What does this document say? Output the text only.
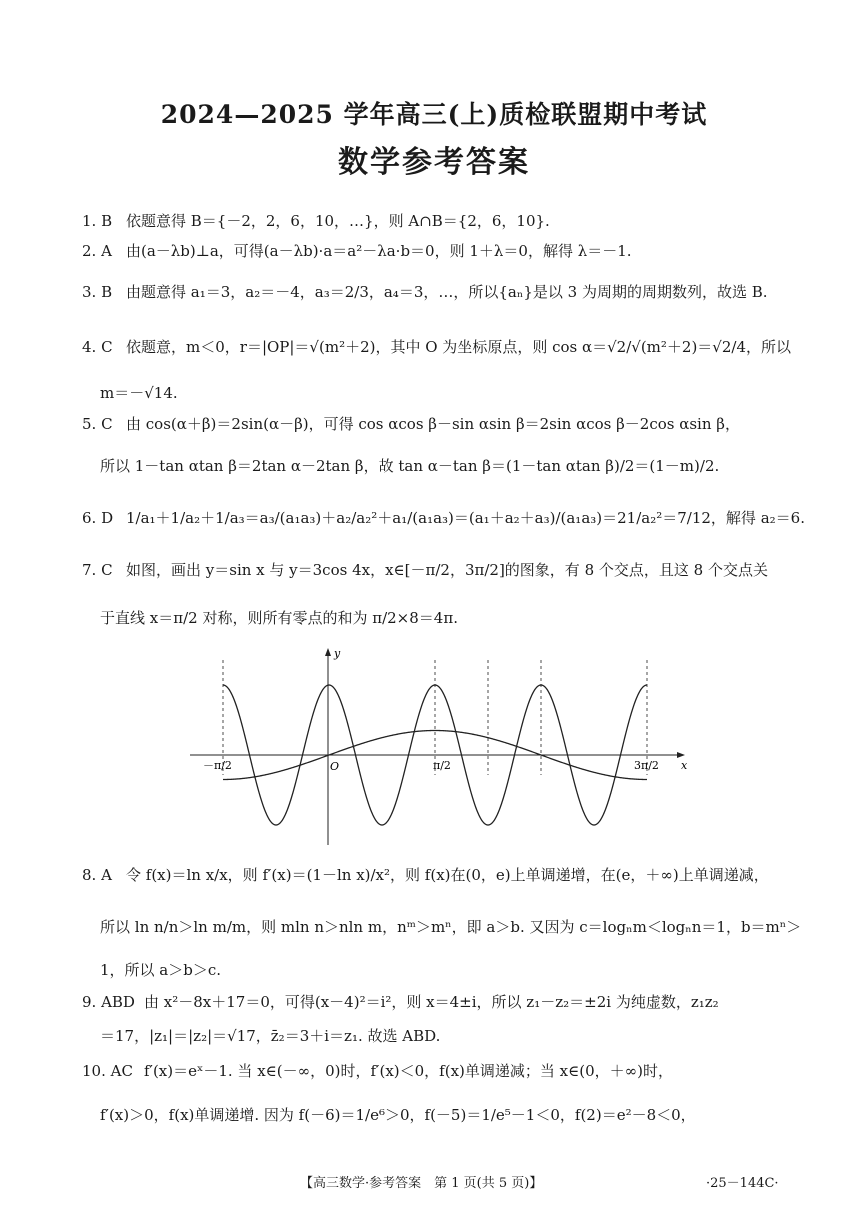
2024—2025 学年高三(上)质检联盟期中考试
数学参考答案
1. B 依题意得 B＝{－2，2，6，10，…}，则 A∩B＝{2，6，10}.
2. A 由(a－λb)⊥a，可得(a－λb)·a＝a²－λa·b＝0，则 1＋λ＝0，解得 λ＝－1.
3. B 由题意得 a₁＝3，a₂＝－4，a₃＝2/3，a₄＝3，…，所以{aₙ}是以 3 为周期的周期数列，故选 B.
4. C 依题意，m＜0，r＝|OP|＝√(m²＋2)，其中 O 为坐标原点，则 cos α＝√2/√(m²＋2)＝√2/4，所以
m＝－√14.
5. C 由 cos(α＋β)＝2sin(α－β)，可得 cos αcos β－sin αsin β＝2sin αcos β－2cos αsin β，
所以 1－tan αtan β＝2tan α－2tan β，故 tan α－tan β＝(1－tan αtan β)/2＝(1－m)/2.
6. D 1/a₁＋1/a₂＋1/a₃＝a₃/(a₁a₃)＋a₂/a₂²＋a₁/(a₁a₃)＝(a₁＋a₂＋a₃)/(a₁a₃)＝21/a₂²＝7/12，解得 a₂＝6.
7. C 如图，画出 y＝sin x 与 y＝3cos 4x，x∈[－π/2，3π/2]的图象，有 8 个交点，且这 8 个交点关
于直线 x＝π/2 对称，则所有零点的和为 π/2×8＝4π.
x
y
O
－π/2	π/2	3π/2
8. A 令 f(x)＝ln x/x，则 f′(x)＝(1－ln x)/x²，则 f(x)在(0，e)上单调递增，在(e，＋∞)上单调递减，
所以 ln n/n＞ln m/m，则 mln n＞nln m，nᵐ＞mⁿ，即 a＞b. 又因为 c＝logₙm＜logₙn＝1，b＝mⁿ＞
1，所以 a＞b＞c.
9. ABD 由 x²－8x＋17＝0，可得(x－4)²＝i²，则 x＝4±i，所以 z₁－z₂＝±2i 为纯虚数，z₁z₂
＝17，|z₁|＝|z₂|＝√17，z̄₂＝3＋i＝z₁. 故选 ABD.
10. AC f′(x)＝eˣ－1. 当 x∈(－∞，0)时，f′(x)＜0，f(x)单调递减；当 x∈(0，＋∞)时，
f′(x)＞0，f(x)单调递增. 因为 f(－6)＝1/e⁶＞0，f(－5)＝1/e⁵－1＜0，f(2)＝e²－8＜0，
【高三数学·参考答案　第 1 页(共 5 页)】	·25－144C·
